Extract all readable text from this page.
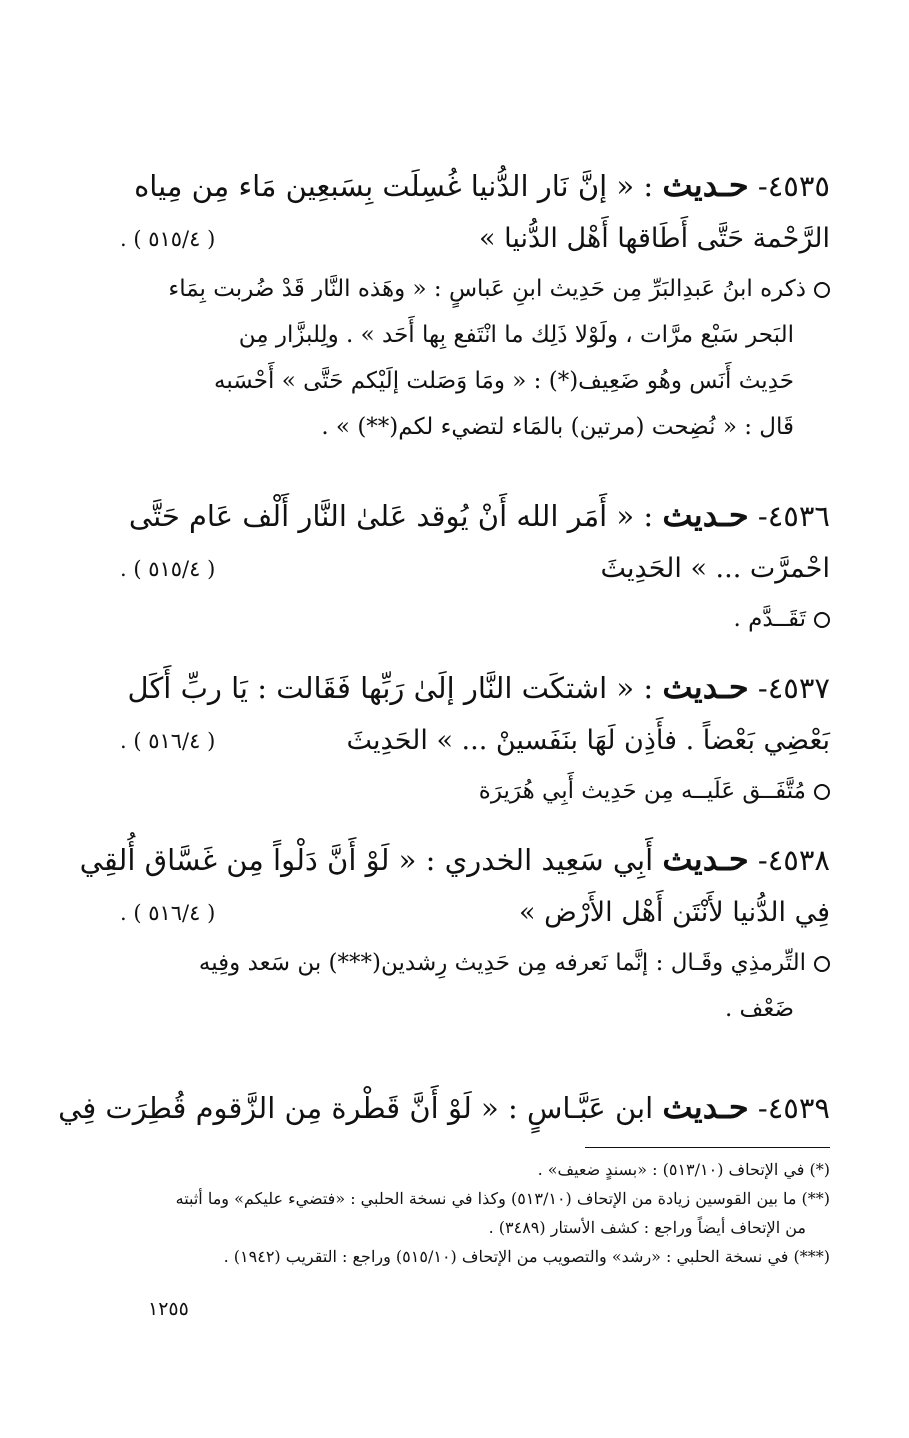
٤٥٣٥- حـديث : « إنَّ نَار الدُّنيا غُسِلَت بِسَبعِين مَاء مِن مِياه
الرَّحْمة حَتَّى أَطَاقها أَهْل الدُّنيا »
( ٥١٥/٤ ) .
ذكره ابنُ عَبدِالبَرِّ مِن حَدِيث ابنِ عَباسٍ : « وهَذه النَّار قَدْ ضُربت بِمَاء
البَحر سَبْع مرَّات ، ولَوْلا ذَلِك ما انْتَفع بِها أَحَد » . ولِلبزَّار مِن
حَدِيث أَنَس وهُو ضَعِيف(*) : « ومَا وَصَلت إلَيْكم حَتَّى » أَحْسَبه
قَال : « نُضِحت (مرتين) بالمَاء لتضيء لكم(**) » .
٤٥٣٦- حـديث : « أَمَر الله أَنْ يُوقد عَلىٰ النَّار أَلْف عَام حَتَّى
احْمرَّت ... » الحَدِيثَ
( ٥١٥/٤ ) .
تَقَــدَّم .
٤٥٣٧- حـديث : « اشتكَت النَّار إلَىٰ رَبِّها فَقَالت : يَا ربِّ أَكَل
بَعْضِي بَعْضاً . فأَذِن لَهَا بنَفَسينْ ... » الحَدِيثَ
( ٥١٦/٤ ) .
مُتَّفَــق عَلَيــه مِن حَدِيث أَبِي هُرَيرَة
٤٥٣٨- حـديث أَبِي سَعِيد الخدري : « لَوْ أَنَّ دَلْواً مِن غَسَّاق أُلقِي
فِي الدُّنيا لأَنْتَن أَهْل الأَرْض »
( ٥١٦/٤ ) .
التِّرمذِي وقَـال : إنَّما نَعرفه مِن حَدِيث رِشدين(***) بن سَعد وفِيه
ضَعْف .
٤٥٣٩- حـديث ابن عَبَّـاسٍ : « لَوْ أَنَّ قَطْرة مِن الزَّقوم قُطِرَت فِي
(*) في الإتحاف (٥١٣/١٠) : «بسندٍ ضعيف» .
(**) ما بين القوسين زيادة من الإتحاف (٥١٣/١٠) وكذا في نسخة الحلبي : «فتضيء عليكم» وما أثبته
من الإتحاف أيضاً وراجع : كشف الأستار (٣٤٨٩) .
(***) في نسخة الحلبي : «رشد» والتصويب من الإتحاف (٥١٥/١٠) وراجع : التقريب (١٩٤٢) .
١٢٥٥
